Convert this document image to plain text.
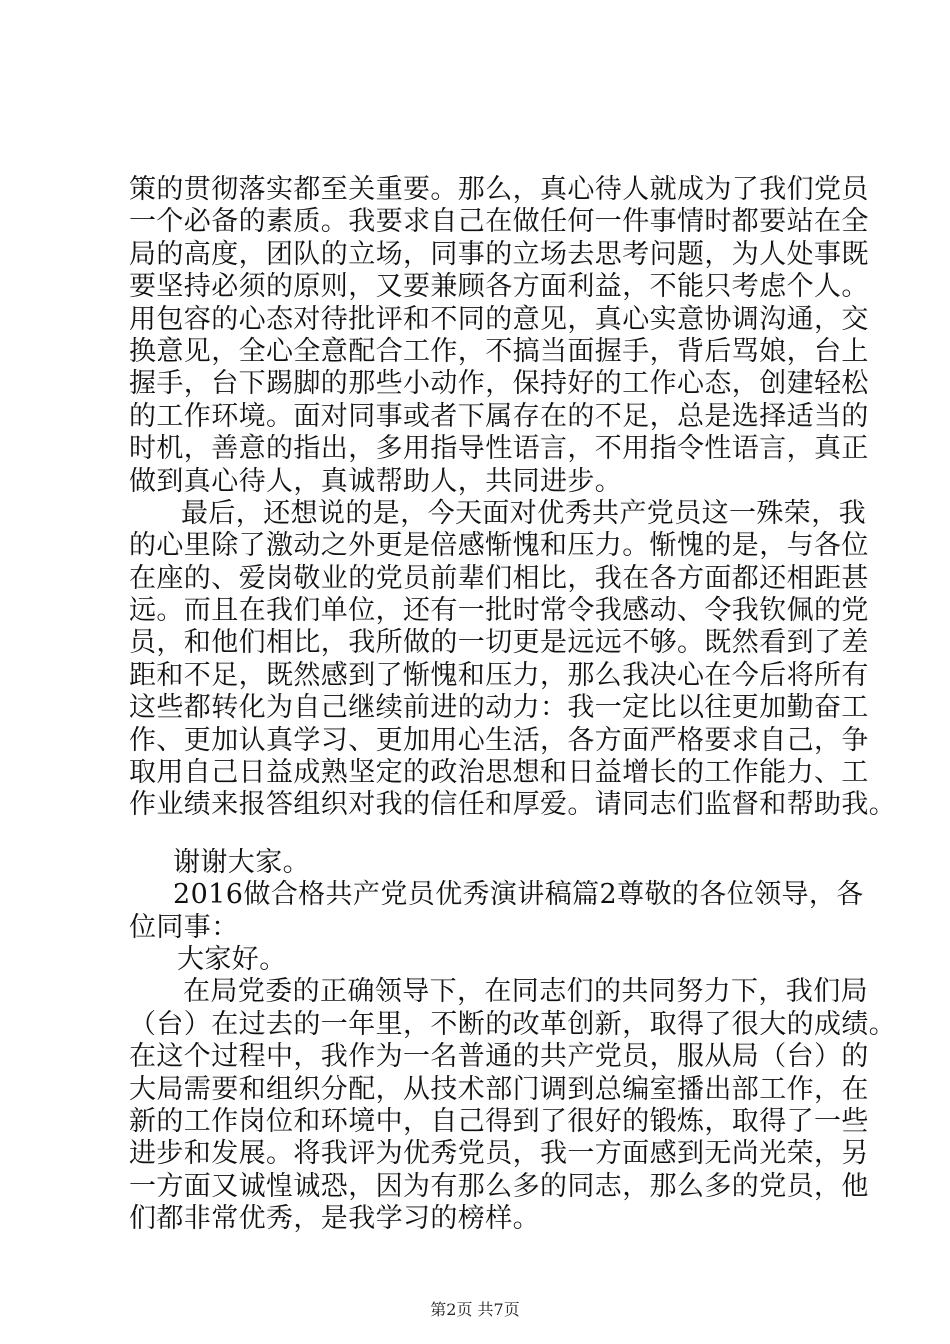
策的贯彻落实都至关重要。那么，真心待人就成为了我们党员
一个必备的素质。我要求自己在做任何一件事情时都要站在全
局的高度，团队的立场，同事的立场去思考问题，为人处事既
要坚持必须的原则，又要兼顾各方面利益，不能只考虑个人。
用包容的心态对待批评和不同的意见，真心实意协调沟通，交
换意见，全心全意配合工作，不搞当面握手，背后骂娘，台上
握手，台下踢脚的那些小动作，保持好的工作心态，创建轻松
的工作环境。面对同事或者下属存在的不足，总是选择适当的
时机，善意的指出，多用指导性语言，不用指令性语言，真正
做到真心待人，真诚帮助人，共同进步。
最后，还想说的是，今天面对优秀共产党员这一殊荣，我
的心里除了激动之外更是倍感惭愧和压力。惭愧的是，与各位
在座的、爱岗敬业的党员前辈们相比，我在各方面都还相距甚
远。而且在我们单位，还有一批时常令我感动、令我钦佩的党
员，和他们相比，我所做的一切更是远远不够。既然看到了差
距和不足，既然感到了惭愧和压力，那么我决心在今后将所有
这些都转化为自己继续前进的动力：我一定比以往更加勤奋工
作、更加认真学习、更加用心生活，各方面严格要求自己，争
取用自己日益成熟坚定的政治思想和日益增长的工作能力、工
作业绩来报答组织对我的信任和厚爱。请同志们监督和帮助我。
谢谢大家。
2016做合格共产党员优秀演讲稿篇2尊敬的各位领导，各
位同事：
大家好。
在局党委的正确领导下，在同志们的共同努力下，我们局
（台）在过去的一年里，不断的改革创新，取得了很大的成绩。
在这个过程中，我作为一名普通的共产党员，服从局（台）的
大局需要和组织分配，从技术部门调到总编室播出部工作，在
新的工作岗位和环境中，自己得到了很好的锻炼，取得了一些
进步和发展。将我评为优秀党员，我一方面感到无尚光荣，另
一方面又诚惶诚恐，因为有那么多的同志，那么多的党员，他
们都非常优秀，是我学习的榜样。
第2页 共7页
